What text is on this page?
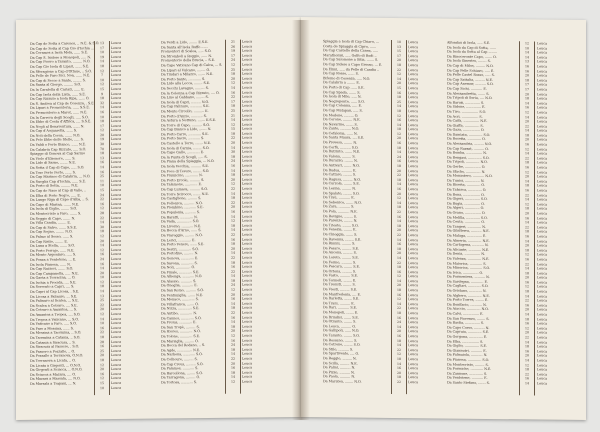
Da Cap de Sotta a Carenes, .. N.E. & S.O.
Da Cap de Sotta al Cap Gio d'Ischia ...
Da Ceramos a Isola Mola, ...... S.E.
Da Cap S. Isidoro a Monopoli, ..... N.
Da Cap Pierro a Taranto, ......... N.O.
Da Cap Gio Isola di Lipari, ...... S.E.
Da Sferagione a Cap d'Ottaue, .. S.O.
Da Pelle de Faro Sici. Noa, ...... N.E.
Da Cap di Secco a Sante, ........ S.
Da Santa al Giorgo, ......... S.O.
Da la Caratella di Cariati, ...... E.
Da Cap Isola della Lista, ...... S.E.
Da Cap Rizzuto a Isola Ripa, ...... O.
Da S. Andrea al Cap de Cosenza, . S.E.
Da Lipari a Promentoria, ...... S.S.E.
Da Promontorio a Maret, ...... N.E.
Da la Carrera degli Scogli, ..... S.O.
Da Ebbo di Costa d'Affrica, .... S.S.E.
Da Negli al Bonaventura, ...... N.
Da Cap d'Acquarella, ...... S.
Da Noli della Corsa, ....... N.O.
Da Pelo Ebbo delle Stelle, ..... S.
Da Valdi o Forte Bianco, ...... N.E.
Da Calabria Cap Rizzuto, ..... S.O.
Spiagge di Genova al Cap Sarino
Da Viole d'Elsenore, ...... S.
Da Lido di Sarno, ....... N.E.
Da Sotta il Cap di Capo, ..... S.O.
Da Tese Porto Porto, ...... S.
Da Cap Marineo di Calabria, ... N.O.
Da Sueglia Cap d'Ischia, ...... S.E.
Da Porto di Sotta, ......... N.E.
Da Cap de Naso al Cap di Vallo, ..
Da Elba di Porto Negro, ..... E.
Da Lungo Riga di Capo d'Alba, .. S.
Da Capo di Marina, ....... N.E.
Da Isola di Giglio, ........ S.O.
Da Montecristo a Faro, ....... S.
Da Seggio di Capo, ....... N.
Da Villa Candia, ........ E.
Da Cap di Salvo, ....... S.S.E.
Da Cap Segno, ........ N.O.
Da Palmo al Sesso, ...... S.
Da Cap Ristio, ........ E.
Da Luna a Stella, ....... S.O.
Da Porto Ferrajo, ...... N.E.
Da Monte Argentaro, ..... S.
Da Ponza a Ventotene, ... E.
Da Isola Pianosa, ...... N.
Da Cap Ruzzeri, ....... S.O.
Da Cap Campanella, ..... N.E.
Da Gaeta a Terracina, ... O.
Da Ischia a Procida, .... S.E.
Da Sorrento a Capri, .... S.
Da Capri al Cap Licosa, . S.E.
Da Licosa a Palinuro, ... S.E.
Da Palinuro al Scalea, ... S.E.
Da Scalea a Cetraro, .... S.E.
Da Cetraro a Amantea, ... S.
Da Amantea a Tropea, .... S.O.
Da Tropea a Vaticano, ... S.O.
Da Vaticano a Faro, ..... S.O.
Da Faro a Messina, ...... S.
Da Messina a Taormina, .. S.O.
Da Taormina a Catania, .. S.O.
Da Catania a Siracusa, .. S.
Da Siracusa al Passero, . S.O.
Da Passero a Pozzallo, .. O.
Da Pozzallo a Terranova, O.N.O.
Da Terranova a Licata, .. O.
Da Licata a Girgenti, ... O.N.O.
Da Girgenti a Sciacca, .. O.N.O.
Da Sciacca a Mazara, .... O.
Da Mazara a Marsala, .... N.O.
Da Marsala a Trapani, ... N.
13
17
10
19
14
18
12
7
10
12
15
9
18
32
14
16
10
18
17
12
20
19
30
70
18
13
16
14
16
25
11
10
15
24
22
16
12
28
22
14
30
18
12
20
14
12
16
24
16
14
20
10
12
18
14
13
25
22
20
12
14
10
16
22
18
28
16
25
20
18
12
20
16
12
15
10
Leuca
Leuca
Leuca
Leuca
Leuca
Leuca
Leuca
Leuca
Leuca
Leuca
Leuca
Leuca
Leuca
Leuca
Leuca
Leuca
Leuca
Leuca
Leuca
Leuca
Leuca
Leuca
Leuca
Leuca
Leuca
Leuca
Leuca
Leuca
Leuca
Leuca
Leuca
Leuca
Leuca
Leuca
Leuca
Leuca
Leuca
Leuca
Leuca
Leuca
Leuca
Leuca
Leuca
Leuca
Leuca
Leuca
Leuca
Leuca
Leuca
Leuca
Leuca
Leuca
Leuca
Leuca
Leuca
Leuca
Leuca
Leuca
Leuca
Leuca
Leuca
Leuca
Leuca
Leuca
Leuca
Leuca
Leuca
Leuca
Leuca
Leuca
Leuca
Leuca
Leuca
Leuca
Leuca
Leuca
Da Verdi a Lido, ........ E.S.E.
Da Santa all'Isola Ruffo ......
Promontori di Scalea, ..... S.O.
Da Stromboli a Reggio, ...... N.
Promontorio della Brucia, .. S.E.
Da Cape Vaticano Cap di Calca, ... S.
Da Lipari al Vulcano, ........ O.
Da Tindari a Milazzo, ....... N.E.
Da Porto Santo, ............ S.
Da Lido alla Lecca, ........ S.E.
Da Secchi Lavagno, ......... S.
Da la Colonna a Cap Rizzuto, .... O.
Da Lino al Gabbano, ........ S.
Da Isola di Capri, ......... N.O.
Da Cap Palinuro, ........... S.E.
Da Monte Circello, .......... E.
Da Porto d'Anzio, ........... S.
Da Astura a Nettuno, ....... E.S.E.
Da Torre di Capo, .......... S.O.
Da Cap Bianco a Lido, ....... N.
Da Porto Carro, ............ S.E.
Da Porto Sacro, ........... S.
Da Castello a Torre, ....... N.E.
Da Isola di Carnia, ........ S.O.
Da Capo Gallo, ............ E.
Da la Punta di Scogli, ..... S.
Da Piana della Spiaggia, ... N.O.
Da Isola Vecchia, .......... S.E.
Da Foce di Tevere, ........ S.O.
Da Fiumicino, ............ N.
Da Porto Ercole, .......... S.
Da Talamone, ............ E.
Da Cap Lumaca, .......... S.O.
Da Torre Scirocco, ....... N.E.
Da Castiglione, ......... S.
Da Follonica, .......... N.O.
Da Piombino, ........... S.E.
Da Populonia, .......... S.
Da Baratti, ............ N.
Da Vada, .............. S.O.
Da Livorno, ........... N.E.
Da Bocca d'Arno, ...... S.
Da Viareggio, ......... N.O.
Da Lerici, ............ E.
Da Porto Venere, ...... S.E.
Da Sestri, ............ S.O.
Da Portofino, ......... N.
Da Genova, ............ E.
Da Savona, ............ S.
Da Noli, .............. O.
Da Finale, ............ S.E.
Da Albenga, ........... N.O.
Da Alassio, ........... S.
Da Oneglia, ........... E.
Da San Remo, .......... S.O.
Da Ventimiglia, ....... N.E.
Da Monaco, ............ S.
Da Villafranca, ....... O.
Da Nizza, ............. S.E.
Da Antibo, ............ N.
Da Cannes, ............ S.O.
Da Freius, ............ E.
Da San Tropè, ......... S.
Da Hieres, ............ N.O.
Da Tolone, ............ S.E.
Da Marsiglia, ......... O.
Da Bocca del Rodano, .. S.
Da Agde, .............. N.E.
Da Narbona, ........... S.O.
Da Collioure, ......... S.
Da Cap Creus, ......... S.O.
Da Palamos, ........... S.
Da Barcellona, ........ S.O.
Da Tarragona, ......... O.
Da Tortosa, ........... S.
21
26
19
17
24
12
25
18
20
12
14
16
22
17
18
25
21
14
12
15
18
22
20
14
30
18
24
16
14
18
20
12
22
14
18
22
20
16
14
12
18
14
22
16
18
20
14
22
18
16
22
14
18
24
12
20
16
14
18
22
16
14
18
20
12
16
24
18
14
22
20
16
18
14
12
Leuca
Leuca
Leuca
Leuca
Leuca
Leuca
Leuca
Leuca
Leuca
Leuca
Leuca
Leuca
Leuca
Leuca
Leuca
Leuca
Leuca
Leuca
Leuca
Leuca
Leuca
Leuca
Leuca
Leuca
Leuca
Leuca
Leuca
Leuca
Leuca
Leuca
Leuca
Leuca
Leuca
Leuca
Leuca
Leuca
Leuca
Leuca
Leuca
Leuca
Leuca
Leuca
Leuca
Leuca
Leuca
Leuca
Leuca
Leuca
Leuca
Leuca
Leuca
Leuca
Leuca
Leuca
Leuca
Leuca
Leuca
Leuca
Leuca
Leuca
Leuca
Leuca
Leuca
Leuca
Leuca
Leuca
Leuca
Leuca
Leuca
Leuca
Leuca
Leuca
Leuca
Leuca
Leuca
Spiaggia a Isola di Cap Chiaro, ...
Costa de Spiaggia di Cipro, ......
Da Cap Castello della Canea, .....
Marathonisi, ..... Golfo di Rodi ..
Da Cap Salomone a Sitia, ....... S.
Da Cap Sidero a Capo Grosso, ... E.
Da Elimi, ..... da Pelle di Candia ..
Da Cap Rosso, ...... S.
Biferno di Cosenza, ..... N.O.
Da Calabria a ........ E.
Da Porto di Cap ...... S.E.
Da Cap Spada, ....... S.
Da Isola di Milo, ..... N.
Da Negroponte, ...... S.O.
Da Cap Colonna, ..... E.
Da Cap Matapan, ..... S.
Da Modone, ......... O.
Da Corone, ......... N.E.
Da Navarino, ....... S.
Da Zante, .......... N.O.
Da Cefalonia, ...... N.
Da Santa Maura, .... S.E.
Da Prevesa, ........ N.
Da Corfù, .......... S.O.
Da Butrinto, ....... N.E.
Da Valona, ......... S.
Da Durazzo, ........ N.
Da Antivari, ....... N.O.
Da Budua, .......... E.
Da Cattaro, ........ S.
Da Ragusa, ......... N.O.
Da Curzola, ........ S.E.
Da Lesina, ......... N.
Da Spalato, ........ S.O.
Da Traù, ........... E.
Da Sebenico, ....... N.O.
Da Zara, ........... S.
Da Pola, ........... N.E.
Da Rovigno, ........ S.
Da Parenzo, ........ N.
Da Trieste, ........ S.O.
Da Venezia, ........ E.
Da Chioggia, ....... S.
Da Ravenna, ........ S.E.
Da Rimini, ......... S.
Da Pesaro, ......... S.E.
Da Ancona, ......... S.
Da Loreto, ......... S.E.
Da Fermo, .......... S.
Da Pescara, ........ S.E.
Da Ortona, ......... S.
Da Vasto, .......... S.E.
Da Termoli, ........ E.
Da Tremiti, ........ S.
Da Viesti, ......... S.E.
Da Manfredonia, .... E.
Da Barletta, ....... S.E.
Da Trani, .......... E.
Da Bari, ........... S.E.
Da Monopoli, ....... E.
Da Brindisi, ....... S.E.
Da Otranto, ........ S.
Da Leuca, .......... O.
Da Gallipoli, ...... N.O.
Da Taranto, ........ S.O.
Da Rossano, ........ S.
Da Cotrone, ........ S.O.
Da Stilo, .......... S.
Da Spartivento, .... O.
Da Reggio, ......... N.
Da Scilla, ......... N.E.
Da Palmi, .......... N.
Da Pizzo, .......... N.
Da Paola, .......... N.
Da Maratea, ........ N.O.
10
13
15
17
20
18
22
12
14
20
15
16
18
25
14
18
12
16
14
18
12
20
16
18
14
24
16
18
20
22
18
14
16
20
12
14
18
22
16
14
18
20
22
14
16
18
20
14
22
18
16
12
14
20
18
16
12
14
22
18
16
24
14
20
16
18
14
22
12
18
14
16
20
18
22
Leuca
Leuca
Leuca
Leuca
Leuca
Leuca
Leuca
Leuca
Leuca
Leuca
Leuca
Leuca
Leuca
Leuca
Leuca
Leuca
Leuca
Leuca
Leuca
Leuca
Leuca
Leuca
Leuca
Leuca
Leuca
Leuca
Leuca
Leuca
Leuca
Leuca
Leuca
Leuca
Leuca
Leuca
Leuca
Leuca
Leuca
Leuca
Leuca
Leuca
Leuca
Leuca
Leuca
Leuca
Leuca
Leuca
Leuca
Leuca
Leuca
Leuca
Leuca
Leuca
Leuca
Leuca
Leuca
Leuca
Leuca
Leuca
Leuca
Leuca
Leuca
Leuca
Leuca
Leuca
Leuca
Leuca
Leuca
Leuca
Leuca
Leuca
Leuca
Leuca
Leuca
Leuca
Leuca
Alfondau di Isola, ..... S.E.
Da Isola da Cap di Sotta, ......
Da Isola da Sotta al Cap ........
Da Rinoceronte Capo, ....... O.
Da Isola Ginestro, ........ S.
Da Cap di Milos, ......... N.O.
Da Cap Pelle Schiavo, ..... E.
Da Pelle Castel Rosso, ..... S.
Da Cap Sattalia, ......... N.E.
Da Cap Anemur, .......... S.O.
Da Cap Sichi, ........... E.
Da Alessandretta, ....... S.
Da Tripoli di Soria, .... N.O.
Da Baruti, .............. S.
Da Sidone, .............. E.
Da Tiro, ................ S.O.
Da Acri, ................ S.
Da Caifa, ............... N.E.
Da Giaffa, .............. S.
Da Gaza, ................ O.
Da Damiata, ............. S.O.
Da Rosetta, ............. O.
Da Alessandria, ......... N.O.
Da Cap Razzat, .......... O.
Da Bomba, ............... N.
Da Bengasi, ............. S.O.
Da Tripoli, ............. N.O.
Da Gerbe, ............... O.
Da Sfachs, .............. N.
Da Monastero, ........... N.O.
Da Tunisi, .............. N.
Da Biserta, ............. O.
Da Tabarca, ............. O.
Da Bona, ................ O.
Da Gigeri, .............. S.O.
Da Bugia, ............... O.
Da Algeri, .............. O.
Da Orano, ............... O.
Da Melilla, ............. S.O.
Da Ceuta, ............... O.
Da Tangeri, ............. N.
Da Gibilterra, .......... N.E.
Da Malaga, .............. E.
Da Almeria, ............. N.E.
Da Cartagena, ........... N.
Da Alicante, ............ N.E.
Da Denia, ............... N.
Da Valenza, ............. N.E.
Da Maiorica, ............ S.
Da Minorica, ............ S.O.
Da Ivica, ............... O.
Da Formentera, .......... N.
Da Sardegna, ............ E.
Da Cagliari, ............ S.O.
Da Oristano, ............ N.
Da Alghero, ............. N.E.
Da Porto Torres, ........ E.
Da Bonifacio, ........... N.
Da Aiaccio, ............. N.O.
Da Calvi, ............... E.
Da San Fiorenzo, ........ S.
Da Bastia, .............. S.
Da Capo Corso, .......... N.
Da Capraia, ............. S.E.
Da Gorgona, ............. E.
Da Elba, ................ S.
Da Giglio, .............. S.E.
Da Giannutri, ........... E.
Da Palmaiola, ........... N.
Da Pianosa, ............. S.O.
Da Montecristo, ......... S.
Da Formiche, ............ N.E.
Da Zannone, ............. S.
Da Ventotene, ........... E.
Da Santo Stefano, ....... S.
12
10
14
14
13
16
16
20
18
17
17
20
18
14
16
12
14
20
22
14
18
20
16
12
14
22
18
16
12
20
14
18
16
22
14
12
18
20
16
14
22
18
16
14
20
18
12
16
22
14
18
20
16
12
18
14
22
16
20
14
18
16
12
20
22
14
18
16
20
14
12
18
22
16
14
Leuca
Leuca
Leuca
Leuca
Leuca
Leuca
Leuca
Leuca
Leuca
Leuca
Leuca
Leuca
Leuca
Leuca
Leuca
Leuca
Leuca
Leuca
Leuca
Leuca
Leuca
Leuca
Leuca
Leuca
Leuca
Leuca
Leuca
Leuca
Leuca
Leuca
Leuca
Leuca
Leuca
Leuca
Leuca
Leuca
Leuca
Leuca
Leuca
Leuca
Leuca
Leuca
Leuca
Leuca
Leuca
Leuca
Leuca
Leuca
Leuca
Leuca
Leuca
Leuca
Leuca
Leuca
Leuca
Leuca
Leuca
Leuca
Leuca
Leuca
Leuca
Leuca
Leuca
Leuca
Leuca
Leuca
Leuca
Leuca
Leuca
Leuca
Leuca
Leuca
Leuca
Leuca
Leuca
